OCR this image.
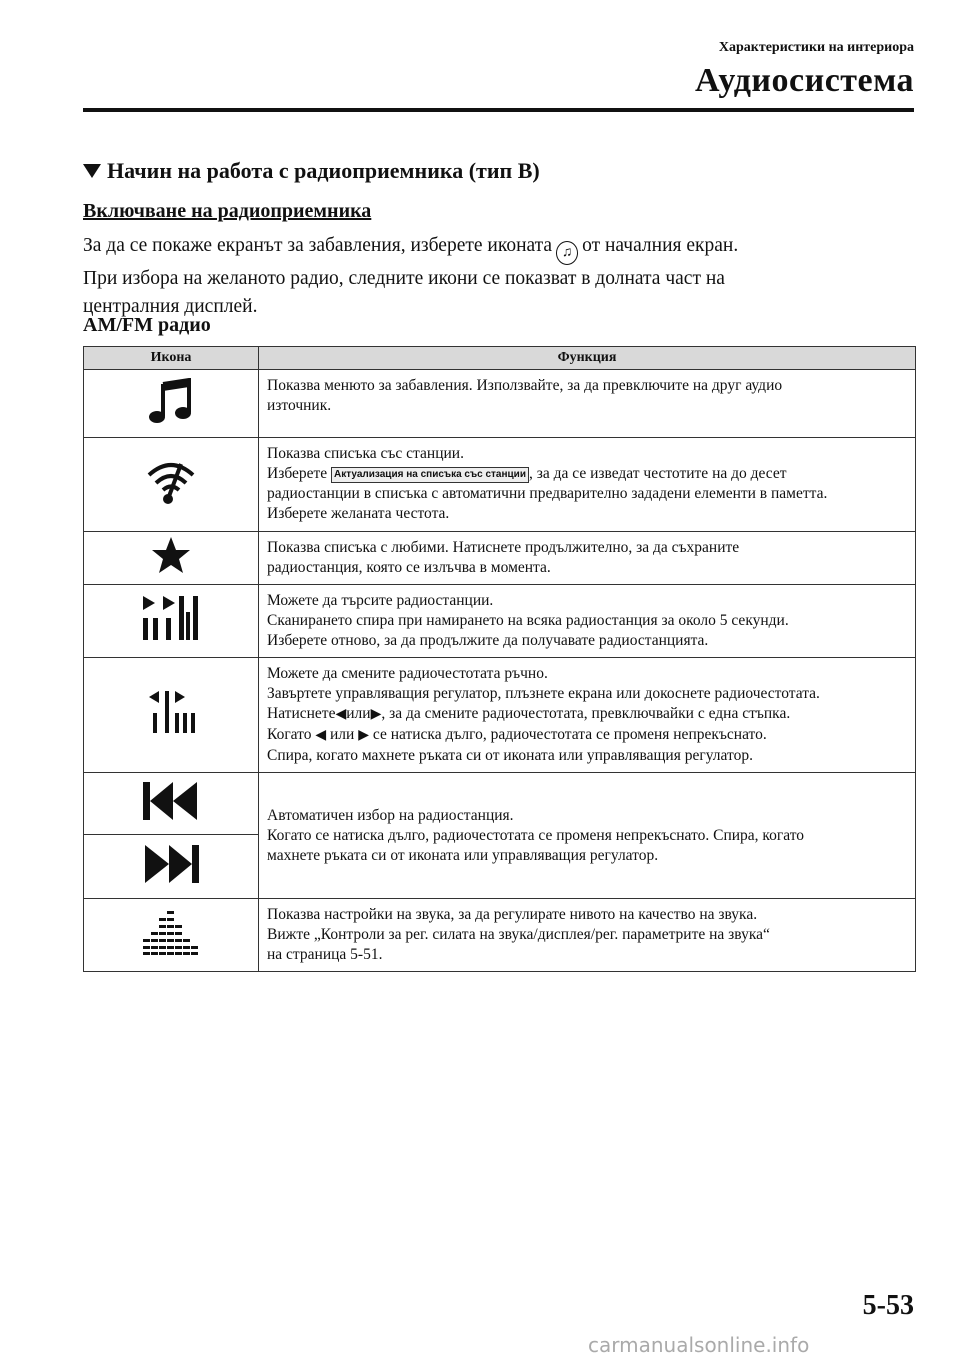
Характеристики на интериора
Аудиосистема
Начин на работа с радиоприемника (тип В)
Включване на радиоприемника
За да се покаже екранът за забавления, изберете иконата ♫ от началния екран.
При избора на желаното радио, следните икони се показват в долната част на
централния дисплей.
AM/FM радио
Икона	Функция

Показва менюто за забавления. Използвайте, за да превключите на друг аудио
източник.

Показва списъка със станции.
Изберете Актуализация на списъка със станции , за да се изведат честотите на до десет
радиостанции в списъка с автоматични предварително зададени елементи в паметта.
Изберете желаната честота.

Показва списъка с любими. Натиснете продължително, за да съхраните
радиостанция, която се излъчва в момента.

Можете да търсите радиостанции.
Сканирането спира при намирането на всяка радиостанция за около 5 секунди.
Изберете отново, за да продължите да получавате радиостанцията.

Можете да смените радиочестотата ръчно.
Завъртете управляващия регулатор, плъзнете екрана или докоснете радиочестотата.
Натиснете◀или▶, за да смените радиочестотата, превключвайки с една стъпка.
Когато ◀ или ▶ се натиска дълго, радиочестотата се променя непрекъснато.
Спира, когато махнете ръката си от иконата или управляващия регулатор.

Автоматичен избор на радиостанция.
Когато се натиска дълго, радиочестотата се променя непрекъснато. Спира, когато
махнете ръката си от иконата или управляващия регулатор.

Показва настройки на звука, за да регулирате нивото на качество на звука.
Вижте „Контроли за рег. силата на звука/дисплея/рег. параметрите на звука“
на страница 5-51.
5-53
carmanualsonline.info
